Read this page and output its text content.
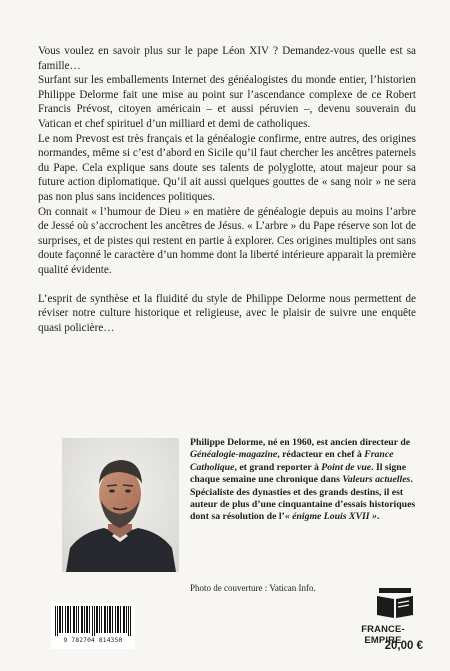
Vous voulez en savoir plus sur le pape Léon XIV ? Demandez-vous quelle est sa famille…

Surfant sur les emballements Internet des généalogistes du monde entier, l’historien Philippe Delorme fait une mise au point sur l’ascendance complexe de ce Robert Francis Prévost, citoyen américain – et aussi péruvien –, devenu souverain du Vatican et chef spirituel d’un milliard et demi de catholiques.

Le nom Prevost est très français et la généalogie confirme, entre autres, des origines normandes, même si c’est d’abord en Sicile qu’il faut chercher les ancêtres paternels du Pape. Cela explique sans doute ses talents de polyglotte, atout majeur pour sa future action diplomatique. Qu’il ait aussi quelques gouttes de « sang noir » ne sera pas non plus sans incidences politiques.

On connait « l’humour de Dieu » en matière de généalogie depuis au moins l’arbre de Jessé où s’accrochent les ancêtres de Jésus. « L’arbre » du Pape réserve son lot de surprises, et de pistes qui restent en partie à explorer. Ces origines multiples ont sans doute façonné le caractère d’un homme dont la liberté intérieure apparait la première qualité évidente.

L’esprit de synthèse et la fluidité du style de Philippe Delorme nous permettent de réviser notre culture historique et religieuse, avec le plaisir de suivre une enquête quasi policière…

Philippe Delorme, né en 1960, est ancien directeur de Généalogie-magazine, rédacteur en chef à France Catholique, et grand reporter à Point de vue. Il signe chaque semaine une chronique dans Valeurs actuelles. Spécialiste des dynasties et des grands destins, il est auteur de plus d’une cinquantaine d’essais historiques dont sa résolution de l’« énigme Louis XVII ».
Photo de couverture : Vatican Info.
9 782704 814350
FRANCE-EMPIRE
20,00 €
